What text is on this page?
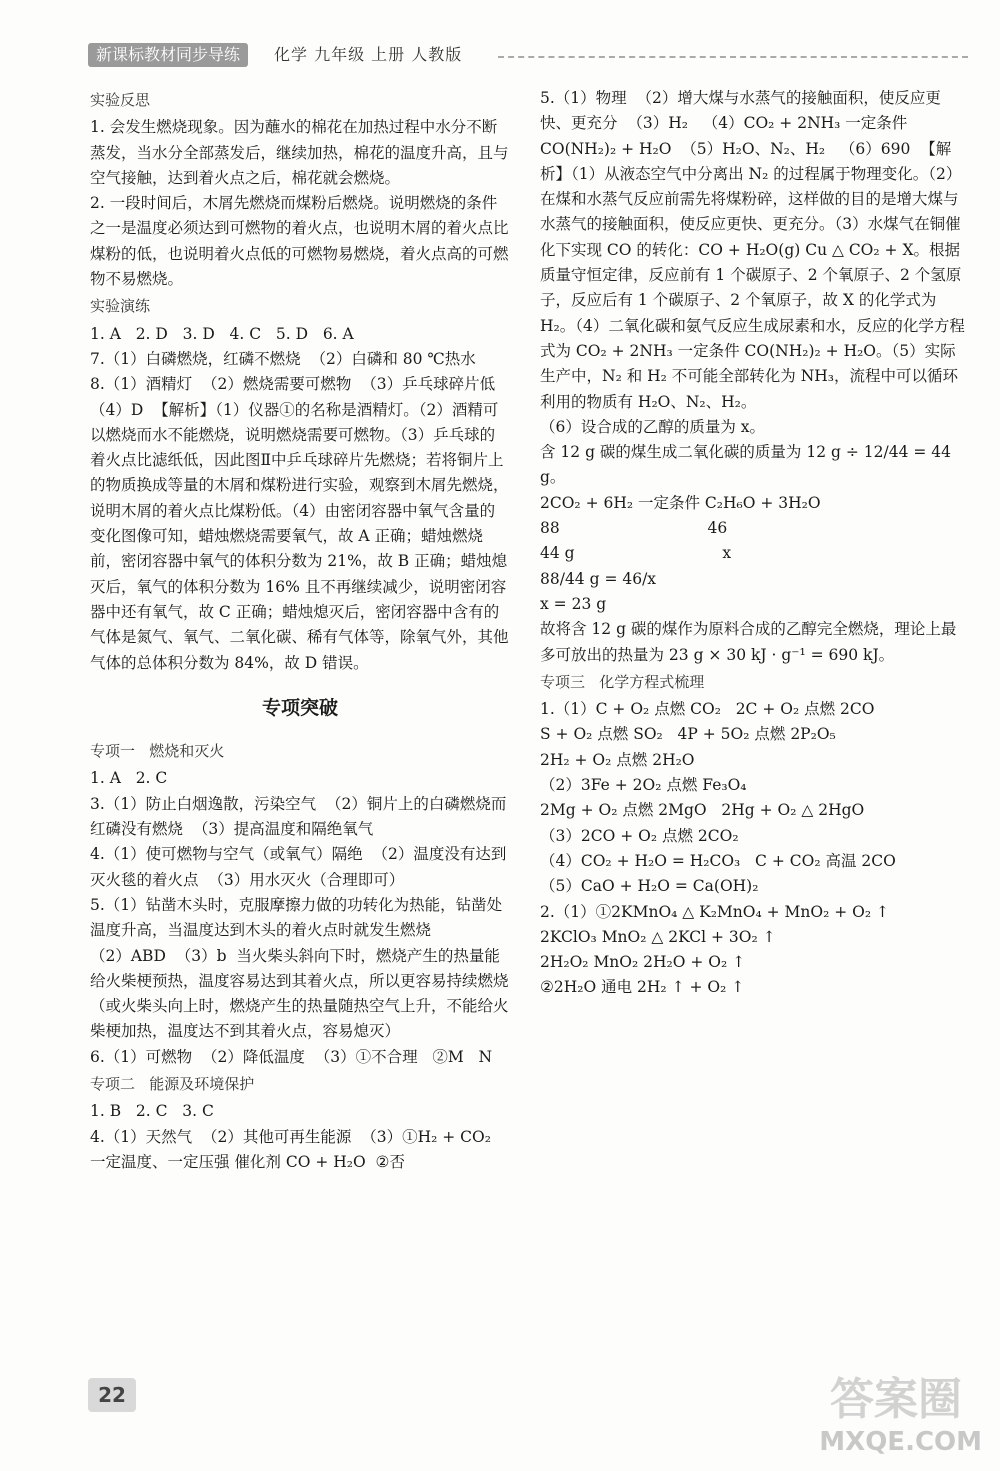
新课标教材同步导练	化学 九年级 上册 人教版

实验反思

1. 会发生燃烧现象。因为蘸水的棉花在加热过程中水分不断蒸发，当水分全部蒸发后，继续加热，棉花的温度升高，且与空气接触，达到着火点之后，棉花就会燃烧。

2. 一段时间后，木屑先燃烧而煤粉后燃烧。说明燃烧的条件之一是温度必须达到可燃物的着火点，也说明木屑的着火点比煤粉的低，也说明着火点低的可燃物易燃烧，着火点高的可燃物不易燃烧。

实验演练

1. A   2. D   3. D   4. C   5. D   6. A

7.（1）白磷燃烧，红磷不燃烧  （2）白磷和 80 ℃热水

8.（1）酒精灯  （2）燃烧需要可燃物  （3）乒乓球碎片低  （4）D  【解析】（1）仪器①的名称是酒精灯。（2）酒精可以燃烧而水不能燃烧，说明燃烧需要可燃物。（3）乒乓球的着火点比滤纸低，因此图Ⅱ中乒乓球碎片先燃烧；若将铜片上的物质换成等量的木屑和煤粉进行实验，观察到木屑先燃烧，说明木屑的着火点比煤粉低。（4）由密闭容器中氧气含量的变化图像可知，蜡烛燃烧需要氧气，故 A 正确；蜡烛燃烧前，密闭容器中氧气的体积分数为 21%，故 B 正确；蜡烛熄灭后，氧气的体积分数为 16% 且不再继续减少，说明密闭容器中还有氧气，故 C 正确；蜡烛熄灭后，密闭容器中含有的气体是氮气、氧气、二氧化碳、稀有气体等，除氧气外，其他气体的总体积分数为 84%，故 D 错误。

专项突破

专项一   燃烧和灭火

1. A   2. C

3.（1）防止白烟逸散，污染空气  （2）铜片上的白磷燃烧而红磷没有燃烧  （3）提高温度和隔绝氧气

4.（1）使可燃物与空气（或氧气）隔绝  （2）温度没有达到灭火毯的着火点  （3）用水灭火（合理即可）

5.（1）钻凿木头时，克服摩擦力做的功转化为热能，钻凿处温度升高，当温度达到木头的着火点时就发生燃烧

（2）ABD  （3）b  当火柴头斜向下时，燃烧产生的热量能给火柴梗预热，温度容易达到其着火点，所以更容易持续燃烧（或火柴头向上时，燃烧产生的热量随热空气上升，不能给火柴梗加热，温度达不到其着火点，容易熄灭）

6.（1）可燃物  （2）降低温度  （3）①不合理   ②M   N

专项二   能源及环境保护

1. B   2. C   3. C

4.（1）天然气  （2）其他可再生能源  （3）①H₂ + CO₂

一定温度、一定压强 催化剂 CO + H₂O  ②否

5.（1）物理  （2）增大煤与水蒸气的接触面积，使反应更快、更充分  （3）H₂   （4）CO₂ + 2NH₃ 一定条件 CO(NH₂)₂ + H₂O  （5）H₂O、N₂、H₂   （6）690  【解析】（1）从液态空气中分离出 N₂ 的过程属于物理变化。（2）在煤和水蒸气反应前需先将煤粉碎，这样做的目的是增大煤与水蒸气的接触面积，使反应更快、更充分。（3）水煤气在铜催化下实现 CO 的转化：CO + H₂O(g) Cu △ CO₂ + X。根据质量守恒定律，反应前有 1 个碳原子、2 个氧原子、2 个氢原子，反应后有 1 个碳原子、2 个氧原子，故 X 的化学式为 H₂。（4）二氧化碳和氨气反应生成尿素和水，反应的化学方程式为 CO₂ + 2NH₃ 一定条件 CO(NH₂)₂ + H₂O。（5）实际生产中，N₂ 和 H₂ 不可能全部转化为 NH₃，流程中可以循环利用的物质有 H₂O、N₂、H₂。

（6）设合成的乙醇的质量为 x。

含 12 g 碳的煤生成二氧化碳的质量为 12 g ÷ 12/44 = 44 g。

2CO₂ + 6H₂ 一定条件 C₂H₆O + 3H₂O

88                              46

44 g                              x

88/44 g = 46/x

x = 23 g

故将含 12 g 碳的煤作为原料合成的乙醇完全燃烧，理论上最多可放出的热量为 23 g × 30 kJ · g⁻¹ = 690 kJ。

专项三   化学方程式梳理

1.（1）C + O₂ 点燃 CO₂   2C + O₂ 点燃 2CO

S + O₂ 点燃 SO₂   4P + 5O₂ 点燃 2P₂O₅

2H₂ + O₂ 点燃 2H₂O

（2）3Fe + 2O₂ 点燃 Fe₃O₄

2Mg + O₂ 点燃 2MgO   2Hg + O₂ △ 2HgO

（3）2CO + O₂ 点燃 2CO₂

（4）CO₂ + H₂O = H₂CO₃   C + CO₂ 高温 2CO

（5）CaO + H₂O = Ca(OH)₂

2.（1）①2KMnO₄ △ K₂MnO₄ + MnO₂ + O₂ ↑

2KClO₃ MnO₂ △ 2KCl + 3O₂ ↑

2H₂O₂ MnO₂ 2H₂O + O₂ ↑

②2H₂O 通电 2H₂ ↑ + O₂ ↑

22	答案圈
MXQE.COM
